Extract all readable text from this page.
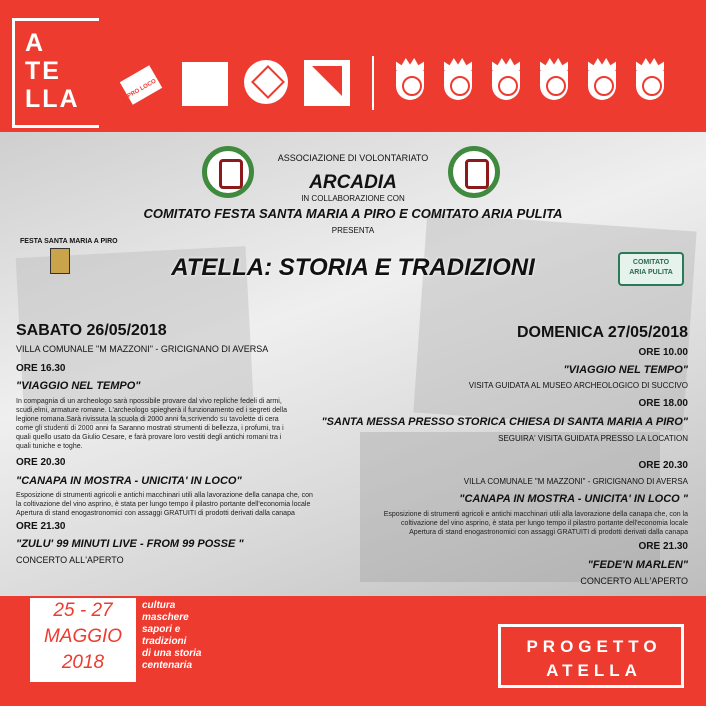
A
TE
LLA	PRO LOCO
ASSOCIAZIONE DI VOLONTARIATO
ARCADIA
IN COLLABORAZIONE CON
COMITATO FESTA SANTA MARIA A PIRO E COMITATO ARIA PULITA
PRESENTA
FESTA SANTA MARIA A PIRO
COMITATO
ARIA PULITA
ATELLA: STORIA E TRADIZIONI
SABATO 26/05/2018
VILLA COMUNALE "M MAZZONI" - GRICIGNANO DI AVERSA
ORE 16.30
"VIAGGIO NEL TEMPO"
In compagnia di un archeologo sarà npossibile provare dal vivo repliche fedeli di armi, scudi,elmi, armature romane. L'archeologo spiegherà il funzionamento ed i segreti della legione romana.Sarà rivissuta la scuola di 2000 anni fa,scrivendo su tavolette di cera come gli studenti di 2000 anni fa Saranno mostrati strumenti di bellezza, i profumi, tra i quali quello usato da Giulio Cesare, e farà provare loro vestiti degli antichi romani tra i quali tuniche e toghe.
ORE 20.30
"CANAPA IN MOSTRA - UNICITA' IN LOCO"
Esposizione di strumenti agricoli e antichi macchinari utili alla lavorazione della canapa che, con la coltivazione del vino asprino, è stata per lungo tempo il pilastro portante dell'economia locale Apertura di stand enogastronomici con assaggi GRATUITI di prodotti derivati dalla canapa
ORE 21.30
"ZULU' 99 MINUTI LIVE - FROM 99 POSSE "
CONCERTO ALL'APERTO
DOMENICA 27/05/2018
ORE 10.00
"VIAGGIO NEL TEMPO"
VISITA GUIDATA AL MUSEO ARCHEOLOGICO DI SUCCIVO
ORE 18.00
"SANTA MESSA PRESSO STORICA CHIESA DI SANTA MARIA A PIRO"
SEGUIRA' VISITA GUIDATA PRESSO LA LOCATION
ORE 20.30
VILLA COMUNALE "M MAZZONI" - GRICIGNANO DI AVERSA
"CANAPA IN MOSTRA - UNICITA' IN LOCO "
Esposizione di strumenti agricoli e antichi macchinari utili alla lavorazione della canapa che, con la coltivazione del vino asprino, è stata per lungo tempo il pilastro portante dell'economia locale Apertura di stand enogastronomici con assaggi GRATUITI di prodotti derivati dalla canapa
ORE 21.30
"FEDE'N MARLEN"
CONCERTO ALL'APERTO
25 - 27
MAGGIO
2018
cultura
maschere
sapori e
tradizioni
di una storia
centenaria
PROGETTO
ATELLA
